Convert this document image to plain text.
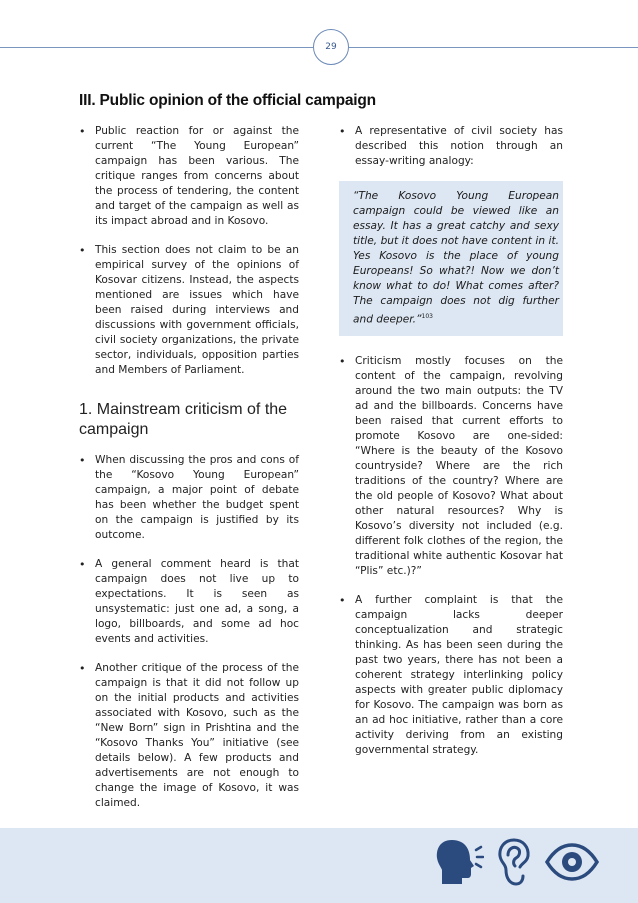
29
III. Public opinion of the official campaign
• Public reaction for or against the current “The Young European” campaign has been various. The critique ranges from concerns about the process of tendering, the content and target of the campaign as well as its impact abroad and in Kosovo.
• This section does not claim to be an empirical survey of the opinions of Kosovar citizens. Instead, the aspects mentioned are issues which have been raised during interviews and discussions with government officials, civil society organizations, the private sector, individuals, opposition parties and Members of Parliament.
1. Mainstream criticism of the campaign
• When discussing the pros and cons of the “Kosovo Young European” campaign, a major point of debate has been whether the budget spent on the campaign is justified by its outcome.
• A general comment heard is that campaign does not live up to expectations. It is seen as unsystematic: just one ad, a song, a logo, billboards, and some ad hoc events and activities.
• Another critique of the process of the campaign is that it did not follow up on the initial products and activities associated with Kosovo, such as the “New Born” sign in Prishtina and the “Kosovo Thanks You” initiative (see details below). A few products and advertisements are not enough to change the image of Kosovo, it was claimed.
• A representative of civil society has described this notion through an essay-writing analogy:
“The Kosovo Young European campaign could be viewed like an essay. It has a great catchy and sexy title, but it does not have content in it. Yes Kosovo is the place of young Europeans! So what?! Now we don’t know what to do! What comes after? The campaign does not dig further and deeper.”$^{103}$
• Criticism mostly focuses on the content of the campaign, revolving around the two main outputs: the TV ad and the billboards. Concerns have been raised that current efforts to promote Kosovo are one-sided: “Where is the beauty of the Kosovo countryside? Where are the rich traditions of the country? Where are the old people of Kosovo? What about other natural resources? Why is Kosovo’s diversity not included (e.g. different folk clothes of the region, the traditional white authentic Kosovar hat “Plis” etc.)?”
• A further complaint is that the campaign lacks deeper conceptualization and strategic thinking. As has been seen during the past two years, there has not been a coherent strategy interlinking policy aspects with greater public diplomacy for Kosovo. The campaign was born as an ad hoc initiative, rather than a core activity deriving from an existing governmental strategy.
